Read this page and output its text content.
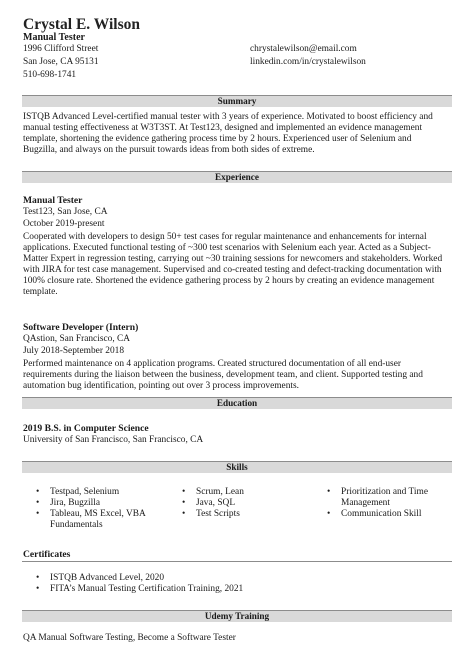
Crystal E. Wilson
Manual Tester
1996 Clifford Street
San Jose, CA 95131
510-698-1741
chrystalewilson@email.com
linkedin.com/in/crystalewilson
Summary
ISTQB Advanced Level-certified manual tester with 3 years of experience. Motivated to boost efficiency and
manual testing effectiveness at W3T3ST. At Test123, designed and implemented an evidence management
template, shortening the evidence gathering process time by 2 hours. Experienced user of Selenium and
Bugzilla, and always on the pursuit towards ideas from both sides of extreme.
Experience
Manual Tester
Test123, San Jose, CA
October 2019-present
Cooperated with developers to design 50+ test cases for regular maintenance and enhancements for internal
applications. Executed functional testing of ~300 test scenarios with Selenium each year. Acted as a Subject-
Matter Expert in regression testing, carrying out ~30 training sessions for newcomers and stakeholders. Worked
with JIRA for test case management. Supervised and co-created testing and defect-tracking documentation with
100% closure rate. Shortened the evidence gathering process by 2 hours by creating an evidence management
template.
Software Developer (Intern)
QAstion, San Francisco, CA
July 2018-September 2018
Performed maintenance on 4 application programs. Created structured documentation of all end-user
requirements during the liaison between the business, development team, and client. Supported testing and
automation bug identification, pointing out over 3 process improvements.
Education
2019 B.S. in Computer Science
University of San Francisco, San Francisco, CA
Skills
• Testpad, Selenium
• Jira, Bugzilla
• Tableau, MS Excel, VBA
Fundamentals
• Scrum, Lean
• Java, SQL
• Test Scripts
• Prioritization and Time
Management
• Communication Skill
Certificates
• ISTQB Advanced Level, 2020
• FITA’s Manual Testing Certification Training, 2021
Udemy Training
QA Manual Software Testing, Become a Software Tester
